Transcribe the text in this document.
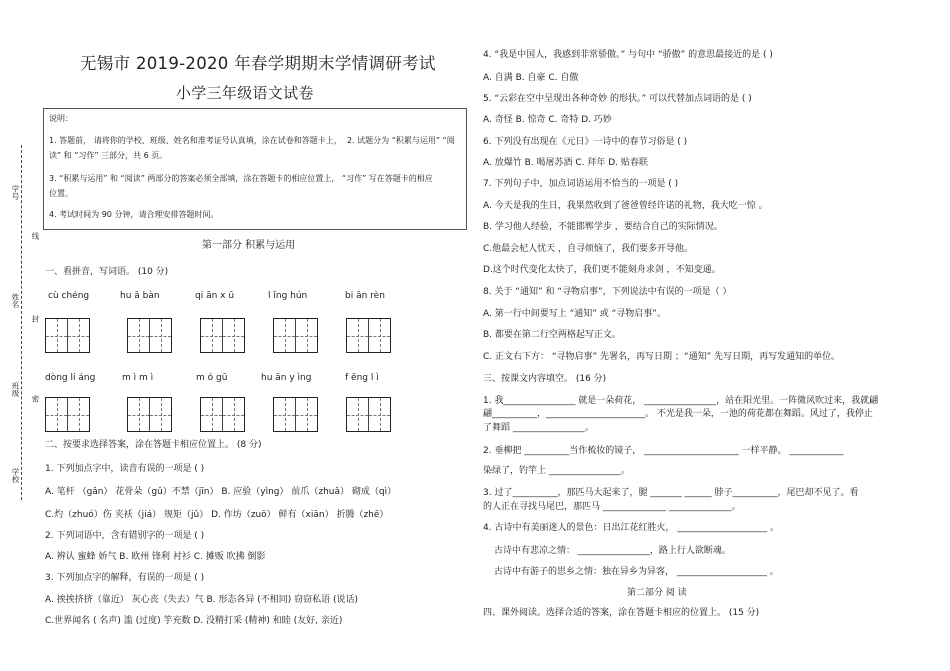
学号
线
姓名
封
班级
密
学校
无锡市 2019-2020 年春学期期末学情调研考试
小学三年级语文试卷
说明：
1. 答题前， 请将你的学校、班级、姓名和准考证号认真填，涂在试卷和答题卡上， 2. 试题分为 “积累与运用” “阅
读” 和 “习作” 三部分，共 6 页。
3. “积累与运用” 和 “阅读” 两部分的答案必须全部填，涂在答题卡的相应位置上， “习作” 写在答题卡的相应
位置。
4. 考试时间为 90 分钟，请合理安排答题时间。
第一部分 积累与运用
一、看拼音，写词语。 (10 分)
cù chéng	hu ā bàn	qi ān x ū	l ǐng hún	bi ān rèn
dòng li áng	m ì m ì	m ó gū	hu ān y ìng	f ēng l ì
二、按要求选择答案，涂在答题卡相应位置上。 (8 分)
1. 下列加点字中，读音有误的一项是 ( )
A. 笔杆 （gǎn） 花骨朵（gǔ）不禁（jīn） B. 应验（yìng） 前爪（zhuǎ） 砌成（qì）
C.灼（zhuó）伤 夹袄（jiá） 规矩（jǔ） D. 作坊（zuō） 鲜有（xiān） 折腾（zhē）
2. 下列词语中，含有错别字的一项是 ( )
A. 辨认 蜜蜂 娇气 B. 欧州 锋利 衬衫 C. 摊贩 吹拂 倒影
3. 下列加点字的解释，有误的一项是 ( )
A. 挨挨挤挤（靠近） 灰心丧（失去）气 B. 形态各异 (不相同) 窃窃私语 (说话)
C.世界闻名 ( 名声) 滥 (过度) 竽充数 D. 没精打采 (精神) 和睦 (友好, 亲近)
4. “我是中国人，我感到非常骄傲。” 与句中 “骄傲” 的意思最接近的是 ( )
A. 自满 B. 自豪 C. 自傲
5. “云彩在空中呈现出各种奇妙 的形状。” 可以代替加点词语的是 ( )
A. 奇怪 B. 惊奇 C. 奇特 D. 巧妙
6. 下列没有出现在《元日》一诗中的春节习俗是 ( )
A. 放爆竹 B. 喝屠苏酒 C. 拜年 D. 贴春联
7. 下列句子中，加点词语运用不恰当的一项是 ( )
A. 今天是我的生日，我果然收到了爸爸曾经许诺的礼物，我大吃一惊 。
B. 学习他人经验，不能邯郸学步 ，要结合自己的实际情况。
C.他最会杞人忧天 ，自寻烦恼了，我们要多开导他。
D.这个时代变化太快了，我们更不能刻舟求剑 ，不知变通。
8. 关于 “通知” 和 “寻物启事”，下列说法中有误的一项是（ ）
A. 第一行中间要写上 “通知” 或 “寻物启事”。
B. 都要在第二行空两格起写正文。
C. 正文右下方： “寻物启事” 先署名，再写日期 ；“通知” 先写日期，再写发通知的单位。
三、按课文内容填空。 (16 分)
1. 我________________ 就是一朵荷花， ________________，站在阳光里。一阵微风吹过来，我就翩
翩__________，______________________。 不光是我一朵，一池的荷花都在舞蹈。风过了，我停止
了舞蹈 ________________。
2. 垂柳把 __________当作梳妆的镜子， _____________________ 一样平静。 ____________
染绿了，钓竿上 ________________。
3. 过了__________，那匹马大起来了，腿 _______ ______ 脖子__________，尾巴却不见了。看
的人正在寻找马尾巴，那匹马 ______________ ______________。
4. 古诗中有美丽迷人的景色：日出江花红胜火， ____________________ 。
古诗中有悲凉之情： ________________，路上行人欲断魂。
古诗中有游子的思乡之情：独在异乡为异客， ____________________ 。
第二部分 阅 读
四、课外阅读。选择合适的答案，涂在答题卡相应的位置上。 (15 分)
